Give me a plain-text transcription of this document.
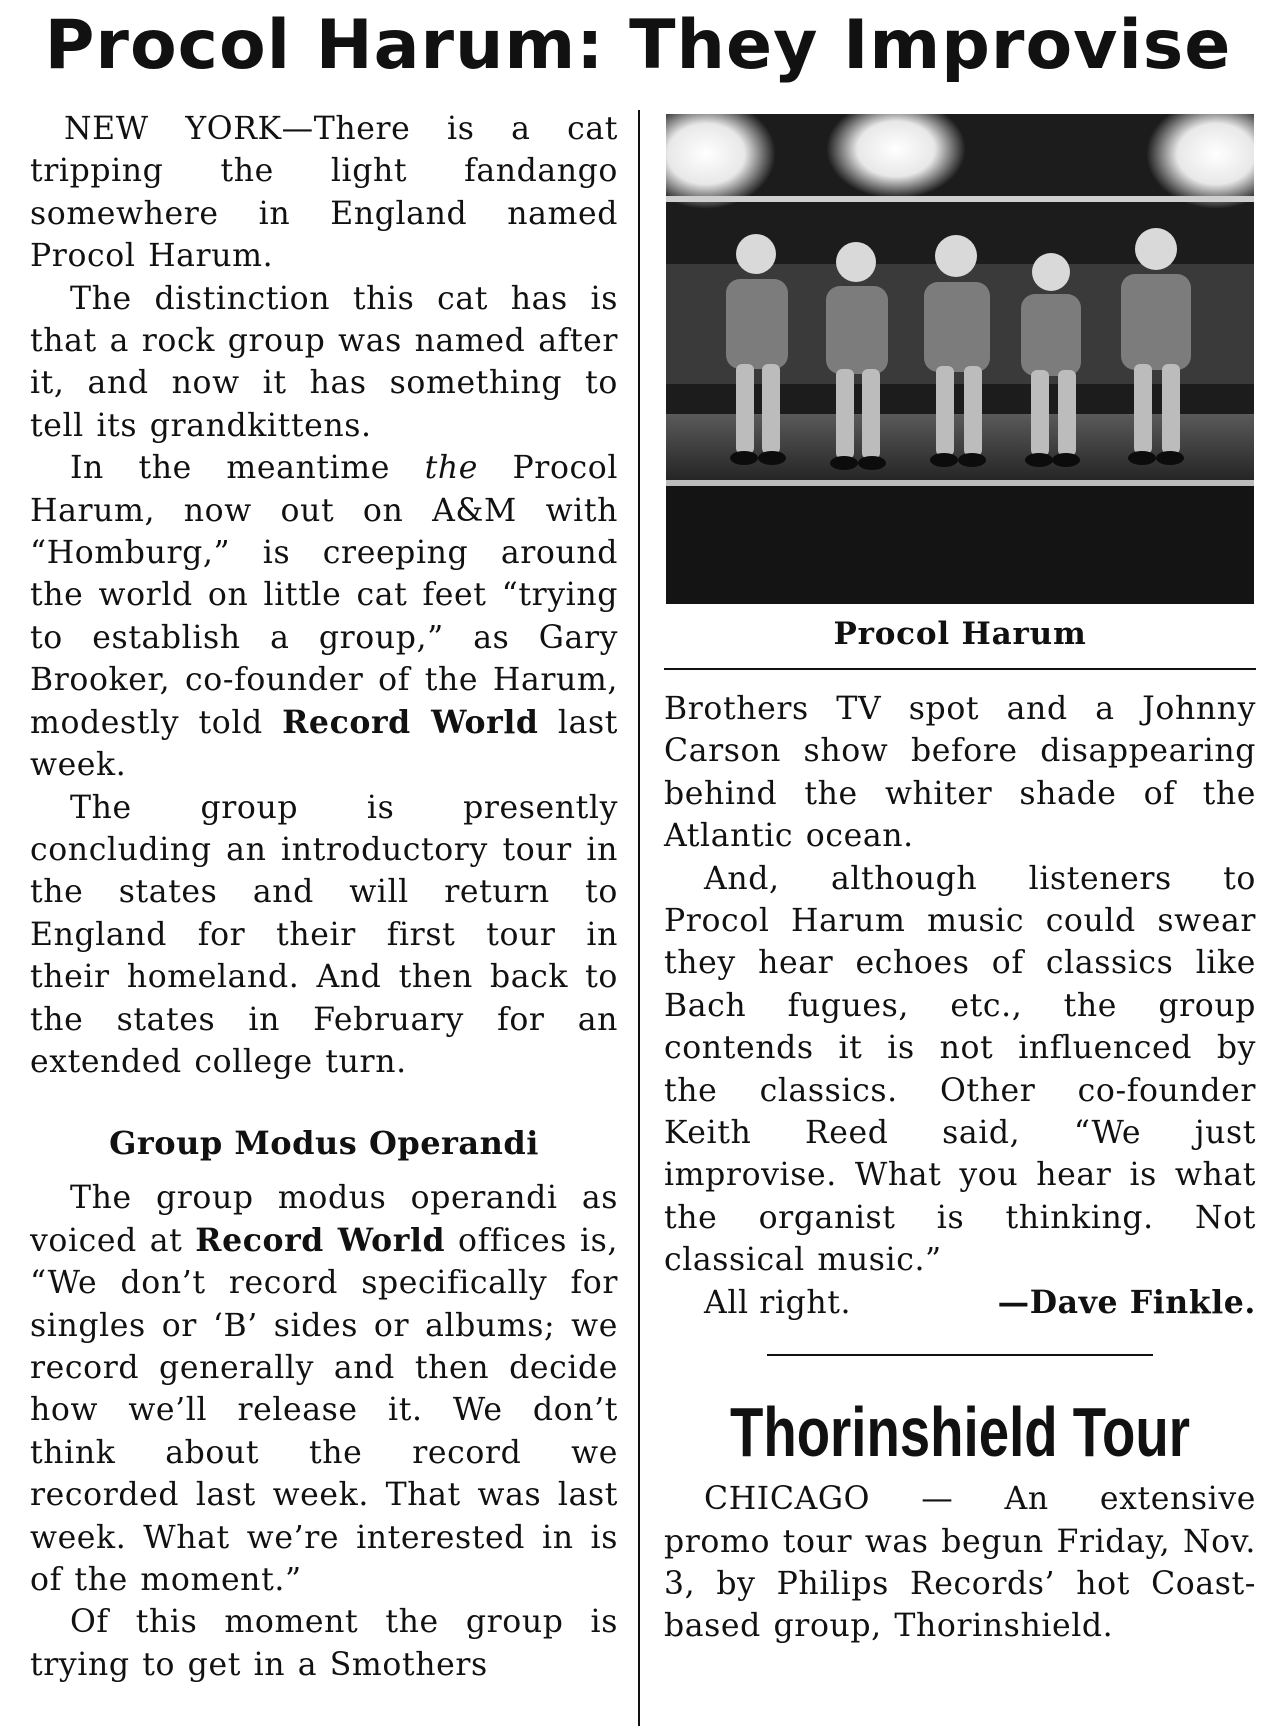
Procol Harum: They Improvise

NEW YORK—There is a cat tripping the light fandango somewhere in England named Procol Harum.

The distinction this cat has is that a rock group was named after it, and now it has something to tell its grandkittens.

In the meantime the Procol Harum, now out on A&M with “Homburg,” is creeping around the world on little cat feet “trying to establish a group,” as Gary Brooker, co-founder of the Harum, modestly told Record World last week.

The group is presently concluding an introductory tour in the states and will return to England for their first tour in their homeland. And then back to the states in February for an extended college turn.

Group Modus Operandi

The group modus operandi as voiced at Record World offices is, “We don’t record specifically for singles or ‘B’ sides or albums; we record generally and then decide how we’ll release it. We don’t think about the record we recorded last week. That was last week. What we’re interested in is of the moment.”

Of this moment the group is trying to get in a Smothers

Procol Harum

Brothers TV spot and a Johnny Carson show before disappearing behind the whiter shade of the Atlantic ocean.

And, although listeners to Procol Harum music could swear they hear echoes of classics like Bach fugues, etc., the group contends it is not influenced by the classics. Other co-founder Keith Reed said, “We just improvise. What you hear is what the organist is thinking. Not classical music.”

All right.	—Dave Finkle.
Thorinshield Tour

CHICAGO — An extensive promo tour was begun Friday, Nov. 3, by Philips Records’ hot Coast-based group, Thorinshield.
